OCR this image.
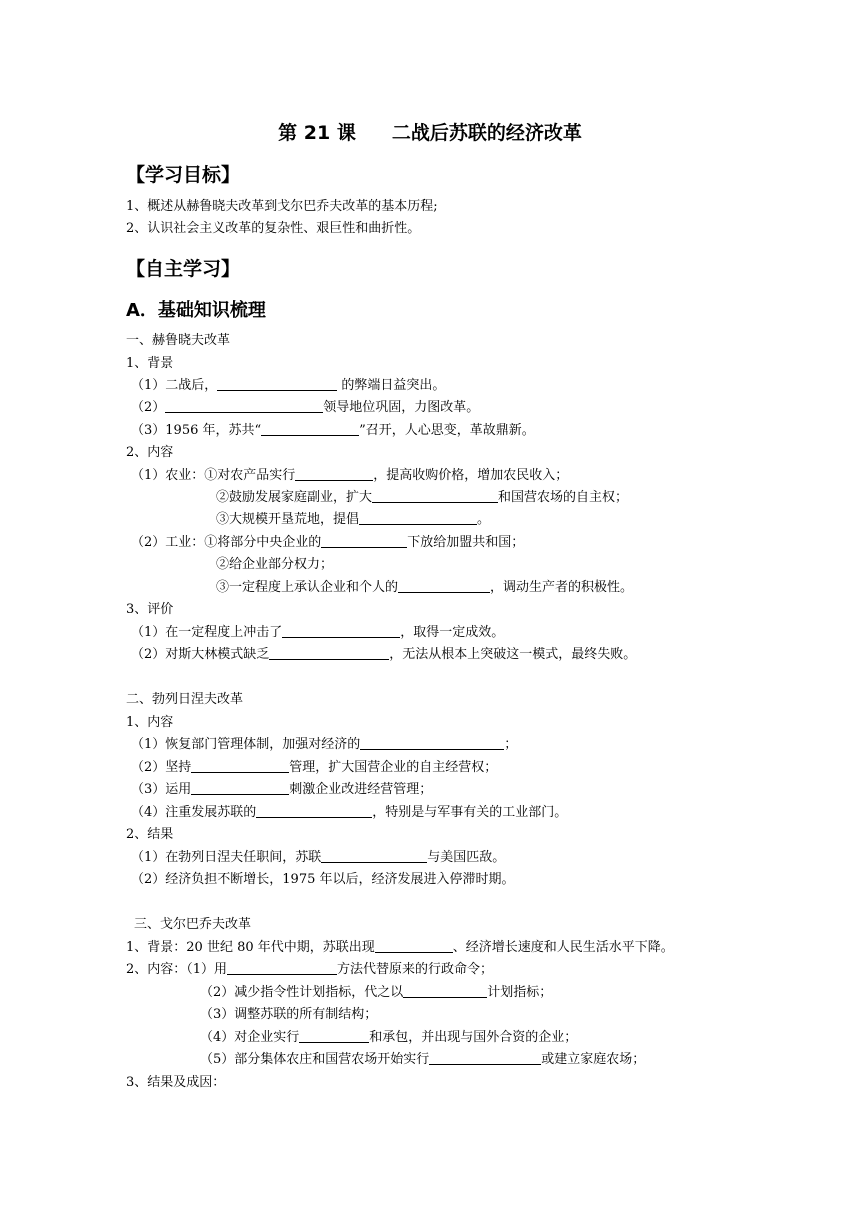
第 21 课 二战后苏联的经济改革
【学习目标】
1、概述从赫鲁晓夫改革到戈尔巴乔夫改革的基本历程;
2、认识社会主义改革的复杂性、艰巨性和曲折性。
【自主学习】
A．基础知识梳理
一、赫鲁晓夫改革
1、背景
（1）二战后，	的弊端日益突出。
（2）	领导地位巩固，力图改革。
（3）1956 年，苏共“	”召开，人心思变，革故鼎新。
2、内容
（1）农业：①对农产品实行	，提高收购价格，增加农民收入；
②鼓励发展家庭副业，扩大	和国营农场的自主权；
③大规模开垦荒地，提倡	。
（2）工业：①将部分中央企业的	下放给加盟共和国；
②给企业部分权力；
③一定程度上承认企业和个人的	，调动生产者的积极性。
3、评价
（1）在一定程度上冲击了	，取得一定成效。
（2）对斯大林模式缺乏	，无法从根本上突破这一模式，最终失败。
二、勃列日涅夫改革
1、内容
（1）恢复部门管理体制，加强对经济的	；
（2）坚持	管理，扩大国营企业的自主经营权；
（3）运用	刺激企业改进经营管理；
（4）注重发展苏联的	，特别是与军事有关的工业部门。
2、结果
（1）在勃列日涅夫任职间，苏联	与美国匹敌。
（2）经济负担不断增长，1975 年以后，经济发展进入停滞时期。
三、戈尔巴乔夫改革
1、背景：20 世纪 80 年代中期，苏联出现	、经济增长速度和人民生活水平下降。
2、内容：（1）用	方法代替原来的行政命令；
（2）减少指令性计划指标，代之以	计划指标；
（3）调整苏联的所有制结构；
（4）对企业实行	和承包，并出现与国外合资的企业；
（5）部分集体农庄和国营农场开始实行	或建立家庭农场；
3、结果及成因：
